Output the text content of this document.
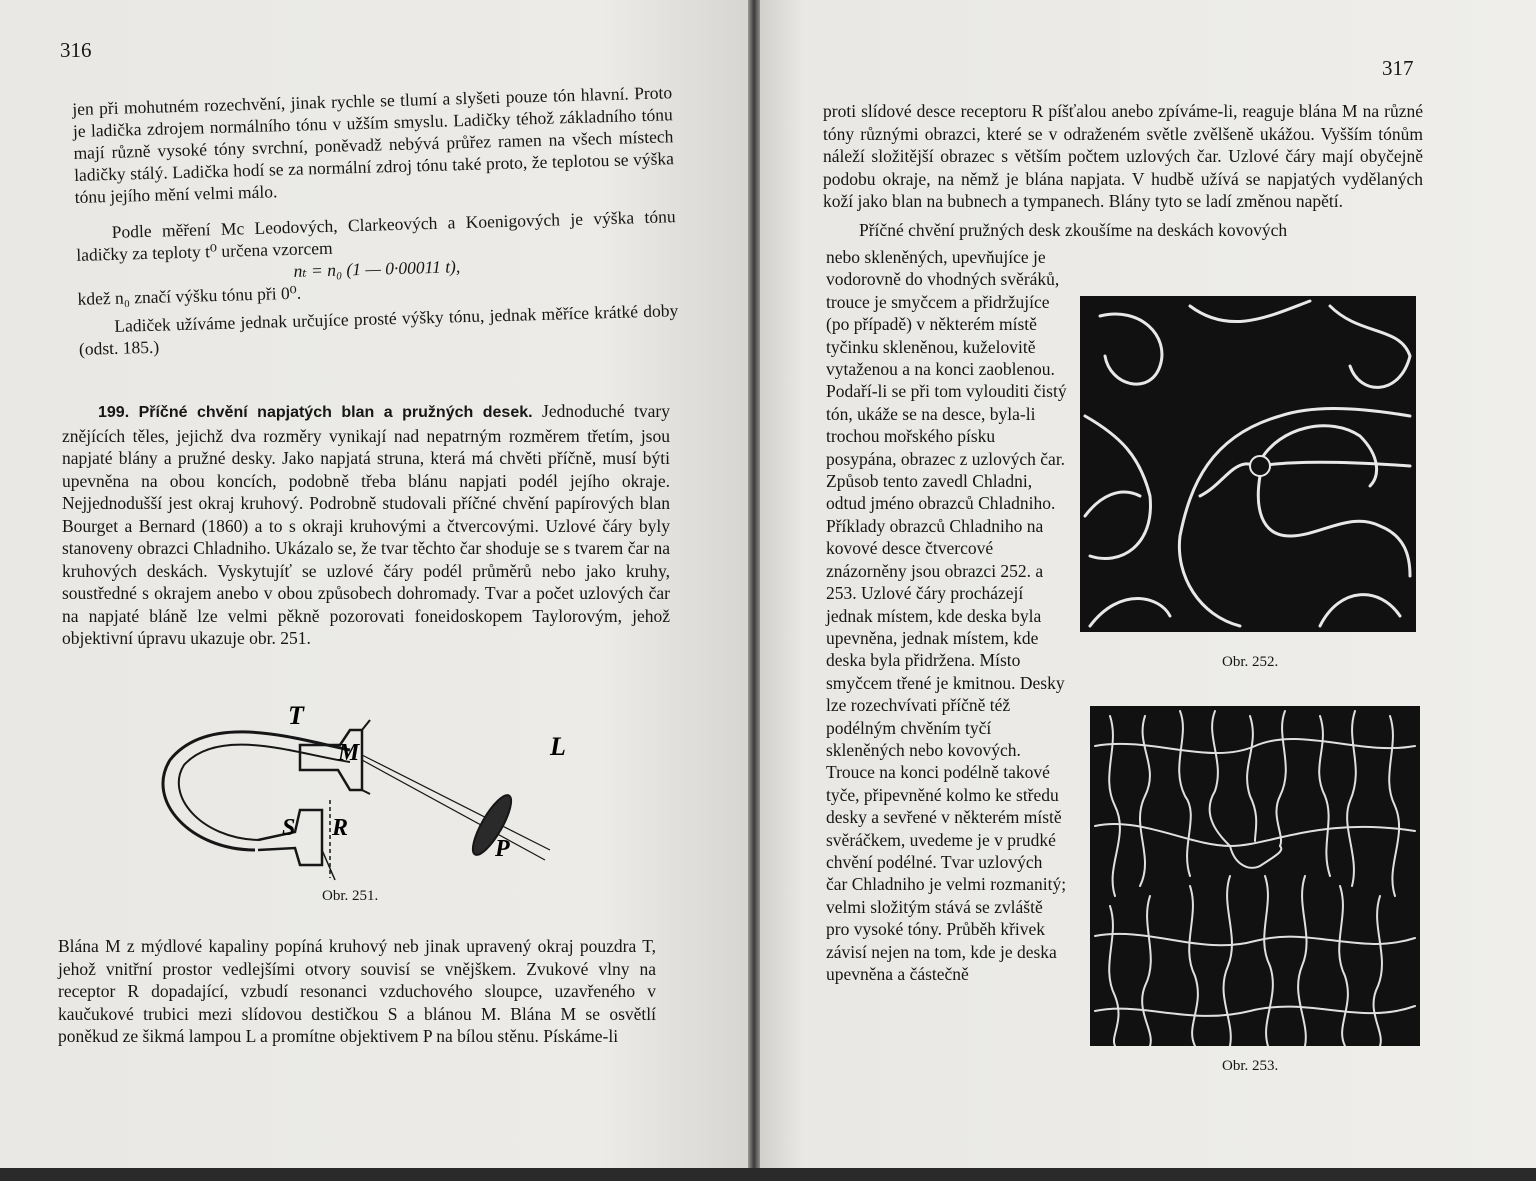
316

jen při mohutném rozechvění, jinak rychle se tlumí a slyšeti pouze tón hlavní. Proto je ladička zdrojem normálního tónu v užším smyslu. Ladičky téhož základního tónu mají různě vysoké tóny svrchní, poněvadž nebývá průřez ramen na všech místech ladičky stálý. Ladička hodí se za normální zdroj tónu také proto, že teplotou se výška tónu jejího mění velmi málo.

Podle měření Mc Leodových, Clarkeových a Koenigových je výška tónu ladičky za teploty t⁰ určena vzorcem

nₜ = n₀ (1 — 0·00011 t),

kdež n₀ značí výšku tónu při 0⁰.

Ladiček užíváme jednak určujíce prosté výšky tónu, jednak měříce krátké doby (odst. 185.)

199. Příčné chvění napjatých blan a pružných desek. Jednoduché tvary znějících těles, jejichž dva rozměry vynikají nad nepatrným rozměrem třetím, jsou napjaté blány a pružné desky. Jako napjatá struna, která má chvěti příčně, musí býti upevněna na obou koncích, podobně třeba blánu napjati podél jejího okraje. Nejjednodušší jest okraj kruhový. Podrobně studovali příčné chvění papírových blan Bourget a Bernard (1860) a to s okraji kruhovými a čtvercovými. Uzlové čáry byly stanoveny obrazci Chladniho. Ukázalo se, že tvar těchto čar shoduje se s tvarem čar na kruhových deskách. Vyskytujíť se uzlové čáry podél průměrů nebo jako kruhy, soustředné s okrajem anebo v obou způsobech dohromady. Tvar a počet uzlových čar na napjaté bláně lze velmi pěkně pozorovati foneidoskopem Taylorovým, jehož objektivní úpravu ukazuje obr. 251.

T
M	L
S R
P
Obr. 251.

Blána M z mýdlové kapaliny popíná kruhový neb jinak upravený okraj pouzdra T, jehož vnitřní prostor vedlejšími otvory souvisí se vnějškem. Zvukové vlny na receptor R dopadající, vzbudí resonanci vzduchového sloupce, uzavřeného v kaučukové trubici mezi slídovou destičkou S a blánou M. Blána M se osvětlí poněkud ze šikmá lampou L a promítne objektivem P na bílou stěnu. Pískáme-li

317

proti slídové desce receptoru R píšťalou anebo zpíváme-li, reaguje blána M na různé tóny různými obrazci, které se v odraženém světle zvělšeně ukážou. Vyšším tónům náleží složitější obrazec s větším počtem uzlových čar. Uzlové čáry mají obyčejně podobu okraje, na němž je blána napjata. V hudbě užívá se napjatých vydělaných koží jako blan na bubnech a tympanech. Blány tyto se ladí změnou napětí.

Příčné chvění pružných desk zkoušíme na deskách kovových

nebo skleněných, upevňujíce je vodorovně do vhodných svěráků, trouce je smyčcem a přidržujíce (po případě) v některém místě tyčinku skleněnou, kuželovitě vytaženou a na konci zaoblenou. Podaří-li se při tom vylouditi čistý tón, ukáže se na desce, byla-li trochou mořského písku posypána, obrazec z uzlových čar. Způsob tento zavedl Chladni, odtud jméno obrazců Chladniho. Příklady obrazců Chladniho na kovové desce čtvercové znázorněny jsou obrazci 252. a 253. Uzlové čáry procházejí jednak místem, kde deska byla upevněna, jednak místem, kde deska byla přidržena. Místo smyčcem třené je kmitnou. Desky lze rozechvívati příčně též podélným chvěním tyčí skleněných nebo kovových. Trouce na konci podélně takové tyče, připevněné kolmo ke středu desky a sevřené v některém místě svěráčkem, uvedeme je v prudké chvění podélné. Tvar uzlových čar Chladniho je velmi rozmanitý; velmi složitým stává se zvláště pro vysoké tóny. Průběh křivek závisí nejen na tom, kde je deska upevněna a částečně

Obr. 252.
Obr. 253.
